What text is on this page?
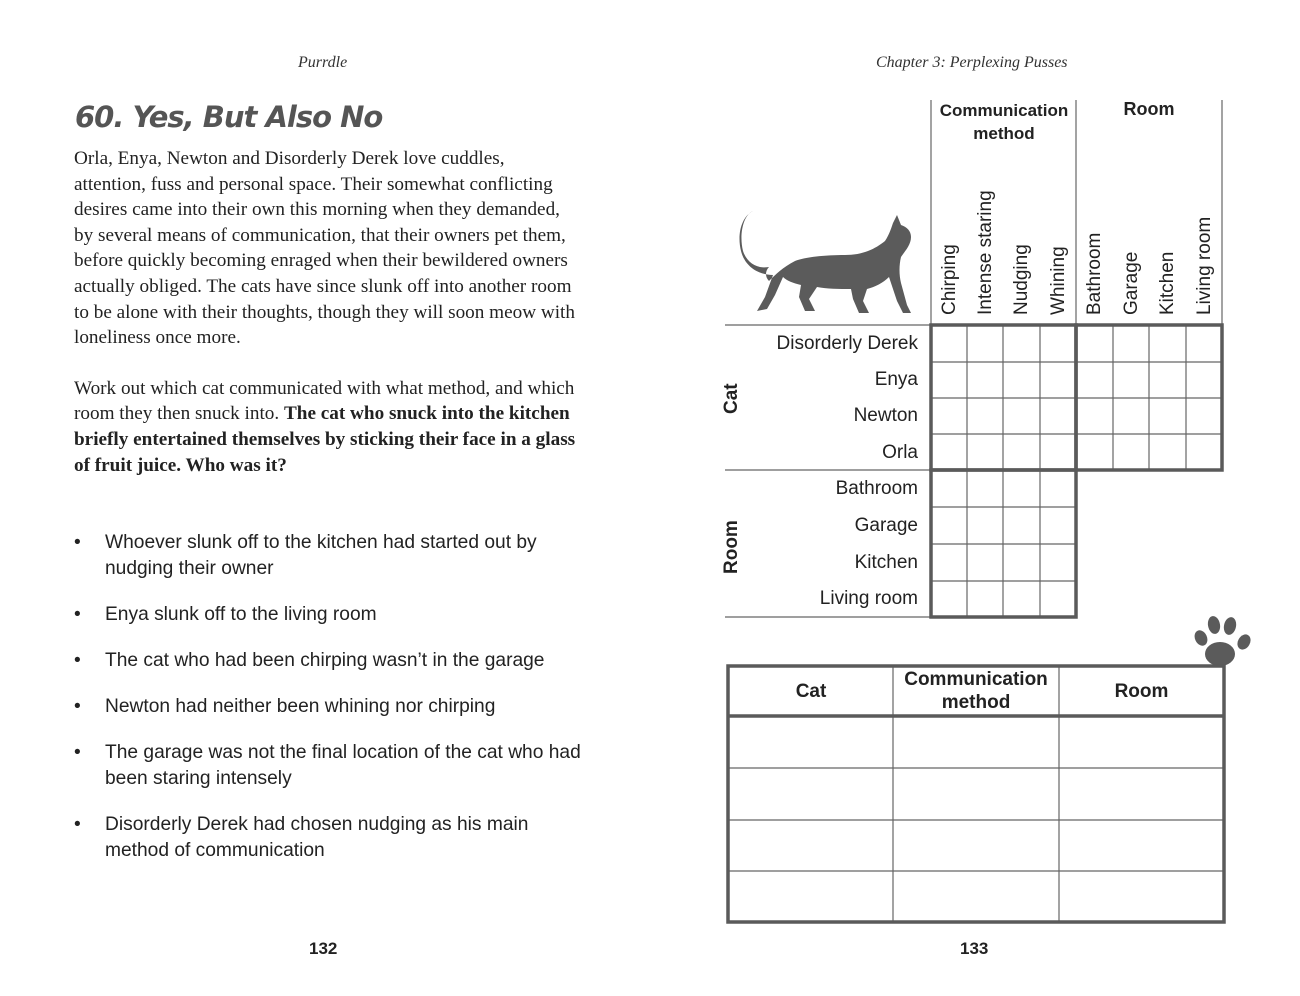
Purrdle
60. Yes, But Also No

Orla, Enya, Newton and Disorderly Derek love cuddles, attention, fuss and personal space. Their somewhat conflicting desires came into their own this morning when they demanded, by several means of communication, that their owners pet them, before quickly becoming enraged when their bewildered owners actually obliged. The cats have since slunk off into another room to be alone with their thoughts, though they will soon meow with loneliness once more.

Work out which cat communicated with what method, and which room they then snuck into. The cat who snuck into the kitchen briefly entertained themselves by sticking their face in a glass of fruit juice. Who was it?

• Whoever slunk off to the kitchen had started out by nudging their owner
• Enya slunk off to the living room
• The cat who had been chirping wasn’t in the garage
• Newton had neither been whining nor chirping
• The garage was not the final location of the cat who had been staring intensely
• Disorderly Derek had chosen nudging as his main method of communication
132
Chapter 3: Perplexing Pusses
Communication method
Room
Chirping Intense staring Nudging Whining Bathroom Garage Kitchen Living room
Cat
Room
Disorderly Derek
Enya
Newton
Orla
Bathroom
Garage
Kitchen
Living room
Cat
Communication method
Room
133
